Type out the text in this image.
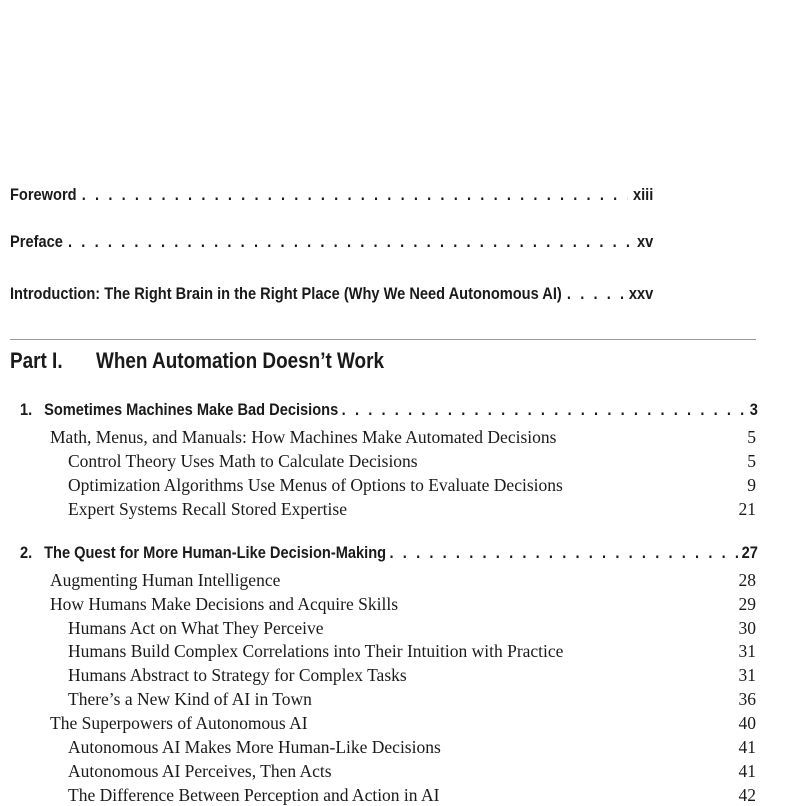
Foreword . . .	xiii
Preface . . .	xv
Introduction: The Right Brain in the Right Place (Why We Need Autonomous AI) . . .	xxv
Part I. When Automation Doesn’t Work
1. Sometimes Machines Make Bad Decisions . . .	3
Math, Menus, and Manuals: How Machines Make Automated Decisions	5
Control Theory Uses Math to Calculate Decisions	5
Optimization Algorithms Use Menus of Options to Evaluate Decisions	9
Expert Systems Recall Stored Expertise	21
2. The Quest for More Human-Like Decision-Making . . .	27
Augmenting Human Intelligence	28
How Humans Make Decisions and Acquire Skills	29
Humans Act on What They Perceive	30
Humans Build Complex Correlations into Their Intuition with Practice	31
Humans Abstract to Strategy for Complex Tasks	31
There’s a New Kind of AI in Town	36
The Superpowers of Autonomous AI	40
Autonomous AI Makes More Human-Like Decisions	41
Autonomous AI Perceives, Then Acts	41
The Difference Between Perception and Action in AI	42
